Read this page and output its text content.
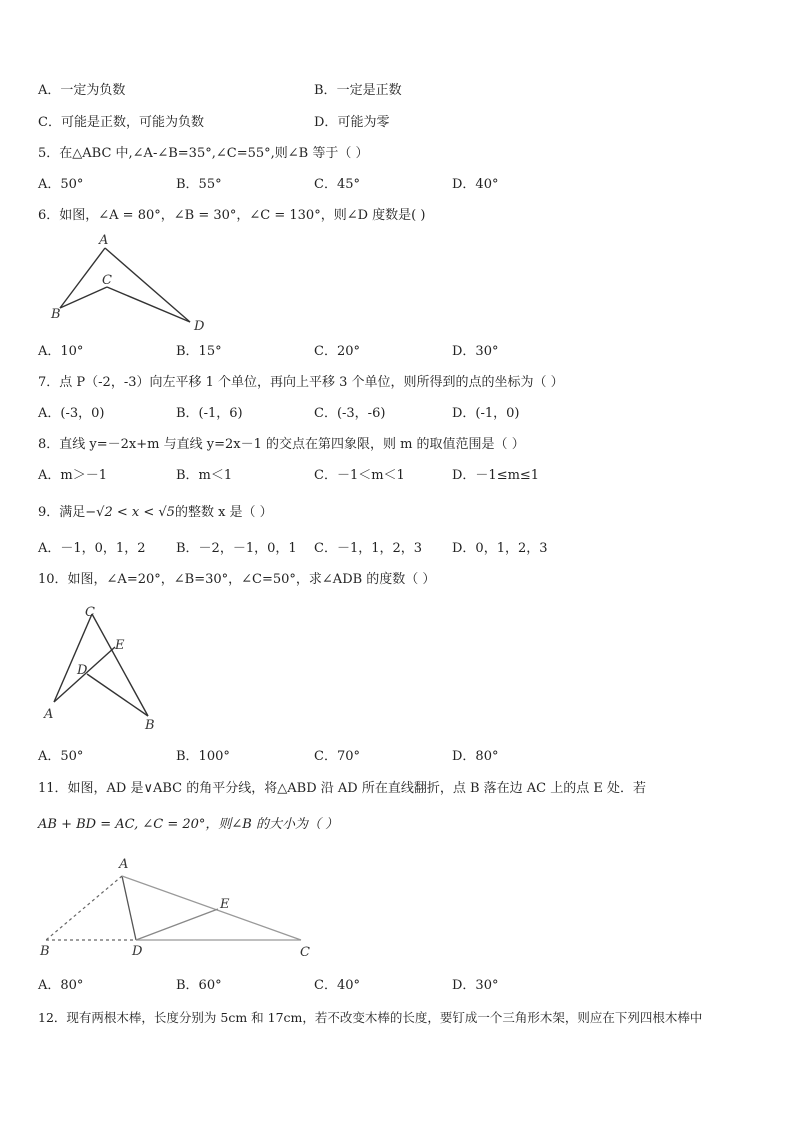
A．一定为负数	B．一定是正数
C．可能是正数，可能为负数	D．可能为零
5．在△ABC 中,∠A-∠B=35°,∠C=55°,则∠B 等于（ ）
A．50°	B．55°	C．45°	D．40°
6．如图，∠A = 80°，∠B = 30°，∠C = 130°，则∠D 度数是( )
A
C
B
D
A．10°	B．15°	C．20°	D．30°
7．点 P（-2，-3）向左平移 1 个单位，再向上平移 3 个单位，则所得到的点的坐标为（ ）
A．(-3，0)	B．(-1，6)	C．(-3，-6)	D．(-1，0)
8．直线 y=－2x+m 与直线 y=2x－1 的交点在第四象限，则 m 的取值范围是（ ）
A．m＞－1	B．m＜1	C．－1＜m＜1	D．－1≤m≤1
9．满足−√2 < x < √5的整数 x 是（ ）
A．－1，0，1，2 B．－2，－1，0，1 C．－1，1，2，3 D．0，1，2，3
10．如图，∠A=20°，∠B=30°，∠C=50°，求∠ADB 的度数（ ）
C
E
D
A
B
A．50°	B．100°	C．70°	D．80°
11．如图，AD 是∨ABC 的角平分线，将△ABD 沿 AD 所在直线翻折，点 B 落在边 AC 上的点 E 处．若
AB + BD = AC, ∠C = 20°，则∠B 的大小为（ ）
A
E
B	D	C
A．80°	B．60°	C．40°	D．30°
12．现有两根木棒，长度分别为 5cm 和 17cm，若不改变木棒的长度，要钉成一个三角形木架，则应在下列四根木棒中
